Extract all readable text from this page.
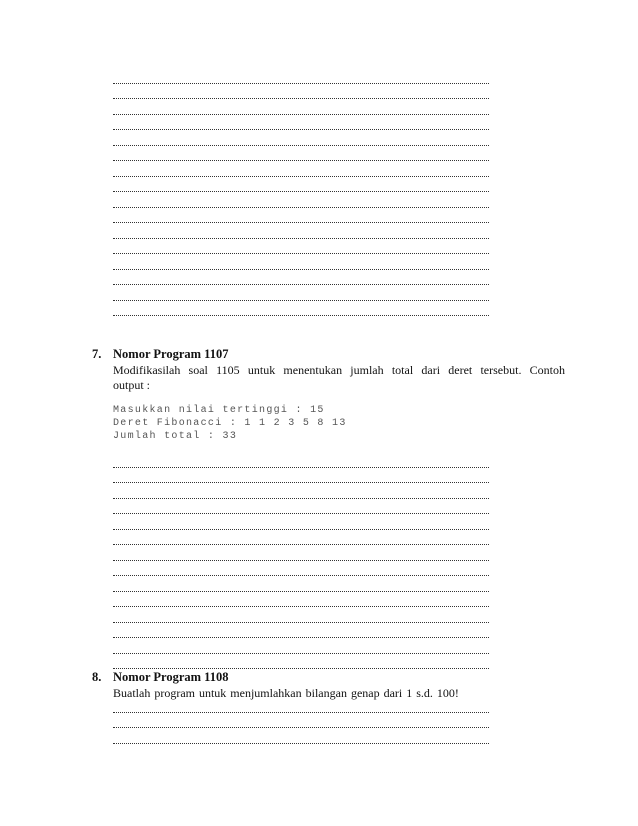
7. Nomor Program 1107
Modifikasilah soal 1105 untuk menentukan jumlah total dari deret tersebut. Contoh
output :
Masukkan nilai tertinggi : 15
Deret Fibonacci : 1 1 2 3 5 8 13
Jumlah total : 33
8. Nomor Program 1108
Buatlah program untuk menjumlahkan bilangan genap dari 1 s.d. 100!
